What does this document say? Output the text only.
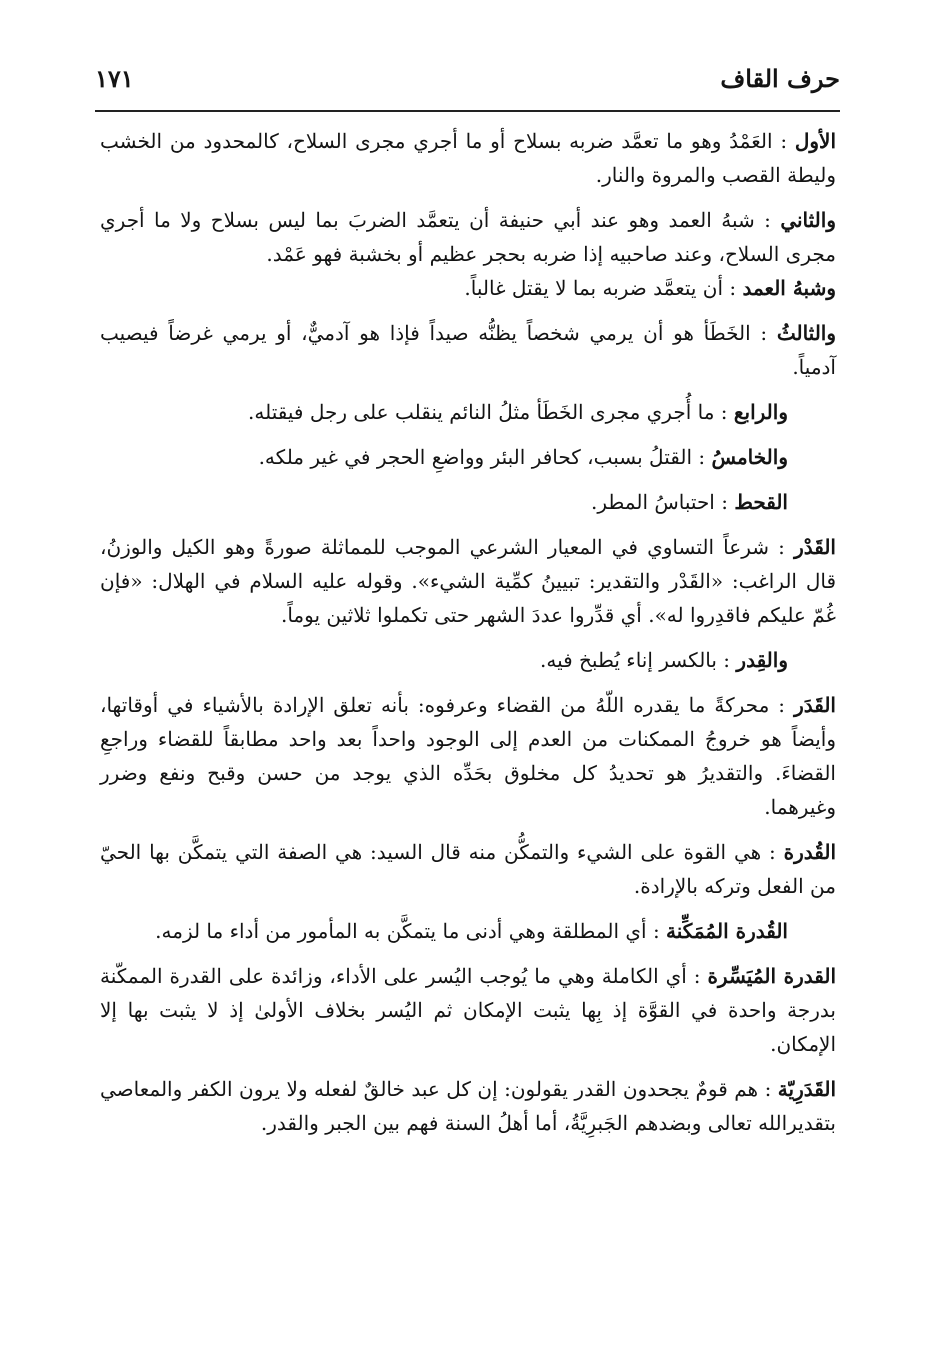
حرف القاف
١٧١

الأول : العَمْدُ وهو ما تعمَّد ضربه بسلاح أو ما أجري مجرى السلاح، كالمحدود من الخشب وليطة القصب والمروة والنار.

والثاني : شبهُ العمد وهو عند أبي حنيفة أن يتعمَّد الضربَ بما ليس بسلاح ولا ما أجري مجرى السلاح، وعند صاحبيه إذا ضربه بحجر عظيم أو بخشبة فهو عَمْد.

وشبهُ العمد : أن يتعمَّد ضربه بما لا يقتل غالباً.

والثالثُ : الخَطَأ هو أن يرمي شخصاً يظنُّه صيداً فإذا هو آدميٌّ، أو يرمي غرضاً فيصيب آدمياً.

والرابع : ما أُجري مجرى الخَطَأ مثلُ النائم ينقلب على رجل فيقتله.

والخامسُ : القتلُ بسبب، كحافر البئر وواضعِ الحجر في غير ملكه.

القحط : احتباسُ المطر.

القَدْر : شرعاً التساوي في المعيار الشرعي الموجب للمماثلة صورةً وهو الكيل والوزنُ، قال الراغب: «القَدْر والتقدير: تبيينُ كمِّية الشيء». وقوله عليه السلام في الهلال: «فإن غُمّ عليكم فاقدِروا له». أي قدِّروا عددَ الشهر حتى تكملوا ثلاثين يوماً.

والقِدر : بالكسر إناء يُطبخ فيه.

القَدَر : محركةً ما يقدره اللّهُ من القضاء وعرفوه: بأنه تعلق الإرادة بالأشياء في أوقاتها، وأيضاً هو خروجُ الممكنات من العدم إلى الوجود واحداً بعد واحد مطابقاً للقضاء وراجعِ القضاءَ. والتقديرُ هو تحديدُ كل مخلوق بحَدِّه الذي يوجد من حسن وقبح ونفع وضرر وغيرهما.

القُدرة : هي القوة على الشيء والتمكُّن منه قال السيد: هي الصفة التي يتمكَّن بها الحيّ من الفعل وتركه بالإرادة.

القُدرة المُمَكِّنة : أي المطلقة وهي أدنى ما يتمكَّن به المأمور من أداء ما لزمه.

القدرة المُيَسِّرة : أي الكاملة وهي ما يُوجب اليُسر على الأداء، وزائدة على القدرة الممكّنة بدرجة واحدة في القوَّة إذ بِها يثبت الإمكان ثم اليُسر بخلاف الأولىٰ إذ لا يثبت بها إلا الإمكان.

القَدَرِيّة : هم قومٌ يجحدون القدر يقولون: إن كل عبد خالقٌ لفعله ولا يرون الكفر والمعاصي بتقديرالله تعالى وبضدهم الجَبرِيَّةُ، أما أهلُ السنة فهم بين الجبر والقدر.
